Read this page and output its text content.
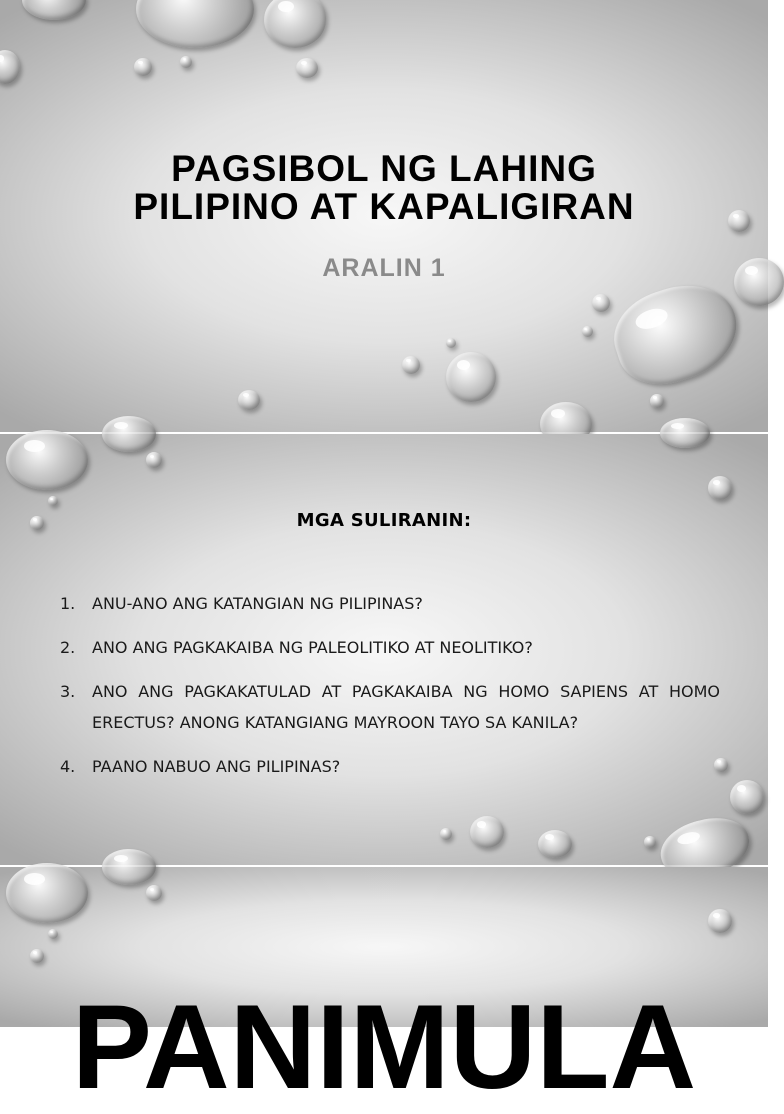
PAGSIBOL NG LAHING
PILIPINO AT KAPALIGIRAN
ARALIN 1
MGA SULIRANIN:
1.	ANU-ANO ANG KATANGIAN NG PILIPINAS?
2.	ANO ANG PAGKAKAIBA NG PALEOLITIKO AT NEOLITIKO?
3.	ANO ANG PAGKAKATULAD AT PAGKAKAIBA NG HOMO SAPIENS AT HOMO ERECTUS? ANONG KATANGIANG MAYROON TAYO SA KANILA?
4.	PAANO NABUO ANG PILIPINAS?
PANIMULA
